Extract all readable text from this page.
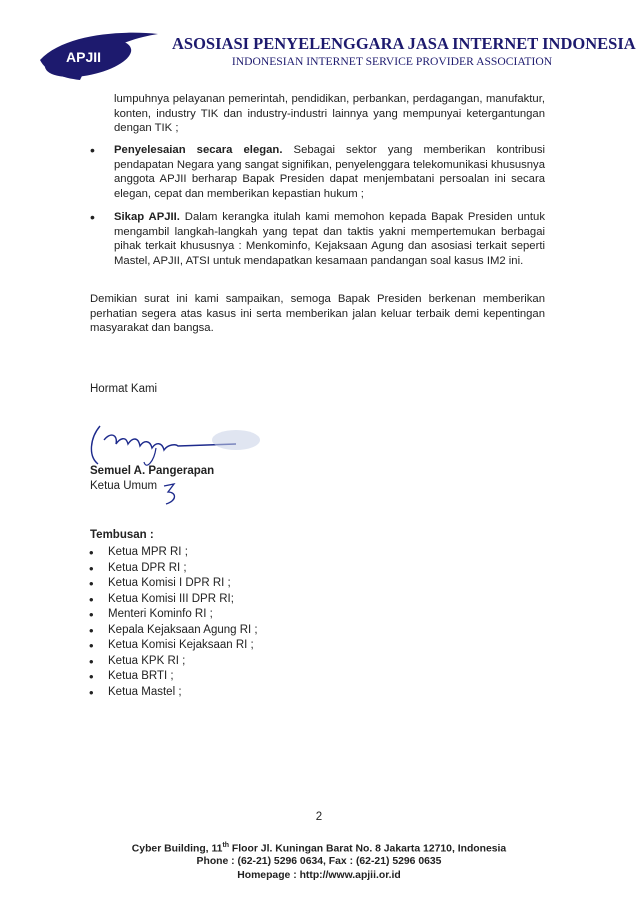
APJII
ASOSIASI PENYELENGGARA JASA INTERNET INDONESIA
INDONESIAN INTERNET SERVICE PROVIDER ASSOCIATION
lumpuhnya pelayanan pemerintah, pendidikan, perbankan, perdagangan, manufaktur, konten, industry TIK dan industry-industri lainnya yang mempunyai ketergantungan dengan TIK ;
• Penyelesaian secara elegan. Sebagai sektor yang memberikan kontribusi pendapatan Negara yang sangat signifikan, penyelenggara telekomunikasi khususnya anggota APJII berharap Bapak Presiden dapat menjembatani persoalan ini secara elegan, cepat dan memberikan kepastian hukum ;
• Sikap APJII. Dalam kerangka itulah kami memohon kepada Bapak Presiden untuk mengambil langkah-langkah yang tepat dan taktis yakni mempertemukan berbagai pihak terkait khususnya : Menkominfo, Kejaksaan Agung dan asosiasi terkait seperti Mastel, APJII, ATSI untuk mendapatkan kesamaan pandangan soal kasus IM2 ini.
Demikian surat ini kami sampaikan, semoga Bapak Presiden berkenan memberikan perhatian segera atas kasus ini serta memberikan jalan keluar terbaik demi kepentingan masyarakat dan bangsa.
Hormat Kami
Semuel A. Pangerapan
Ketua Umum
Tembusan :
• Ketua MPR RI ;
• Ketua DPR RI ;
• Ketua Komisi I DPR RI ;
• Ketua Komisi III DPR RI;
• Menteri Kominfo RI ;
• Kepala Kejaksaan Agung RI ;
• Ketua Komisi Kejaksaan RI ;
• Ketua KPK RI ;
• Ketua BRTI ;
• Ketua Mastel ;
2
Cyber Building, 11th Floor Jl. Kuningan Barat No. 8 Jakarta 12710, Indonesia
Phone : (62-21) 5296 0634, Fax : (62-21) 5296 0635
Homepage : http://www.apjii.or.id
